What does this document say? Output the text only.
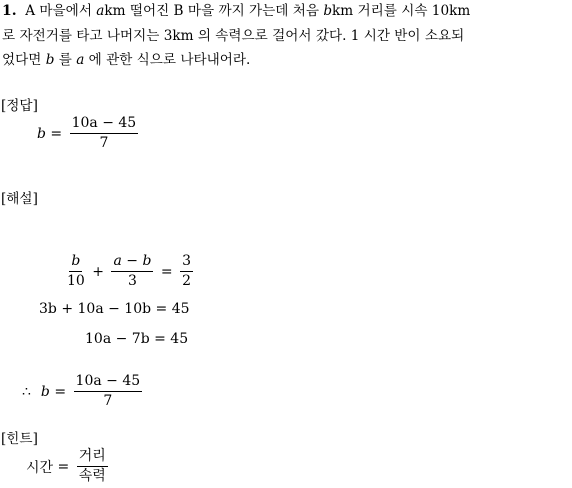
1. A 마을에서 akm 떨어진 B 마을 까지 가는데 처음 bkm 거리를 시속 10km
로 자전거를 타고 나머지는 3km 의 속력으로 걸어서 갔다. 1 시간 반이 소요되
었다면 b 를 a 에 관한 식으로 나타내어라.
[정답]
$b = \frac{10a - 45}{7}$
[해설]
$\frac{b}{10} + \frac{a - b}{3} = \frac{3}{2}$
3b + 10a − 10b = 45
10a − 7b = 45
∴ $b = \frac{10a - 45}{7}$
[힌트]
시간 = $\frac{\text{거리}}{\text{속력}}$
